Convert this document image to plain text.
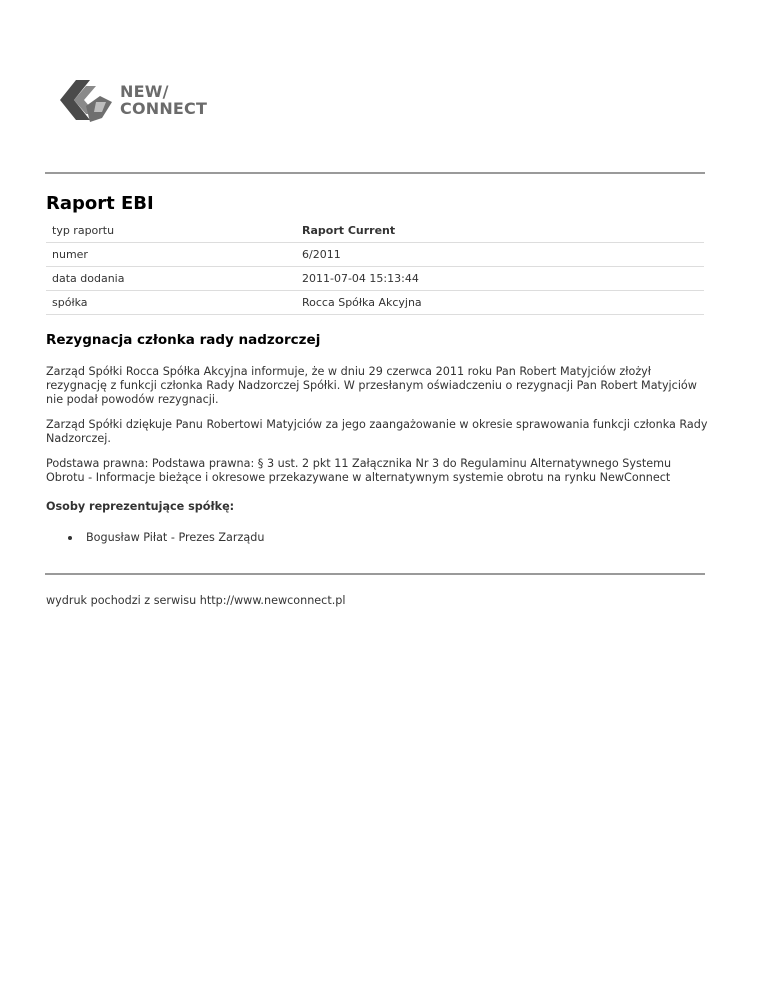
NEW/
CONNECT
Raport EBI
typ raportu	Raport Current
numer	6/2011
data dodania	2011-07-04 15:13:44
spółka	Rocca Spółka Akcyjna
Rezygnacja członka rady nadzorczej

Zarząd Spółki Rocca Spółka Akcyjna informuje, że w dniu 29 czerwca 2011 roku Pan Robert Matyjciów złożył rezygnację z funkcji członka Rady Nadzorczej Spółki. W przesłanym oświadczeniu o rezygnacji Pan Robert Matyjciów nie podał powodów rezygnacji.

Zarząd Spółki dziękuje Panu Robertowi Matyjciów za jego zaangażowanie w okresie sprawowania funkcji członka Rady Nadzorczej.

Podstawa prawna: Podstawa prawna: § 3 ust. 2 pkt 11 Załącznika Nr 3 do Regulaminu Alternatywnego Systemu Obrotu - Informacje bieżące i okresowe przekazywane w alternatywnym systemie obrotu na rynku NewConnect

Osoby reprezentujące spółkę:

Bogusław Piłat - Prezes Zarządu

wydruk pochodzi z serwisu http://www.newconnect.pl
